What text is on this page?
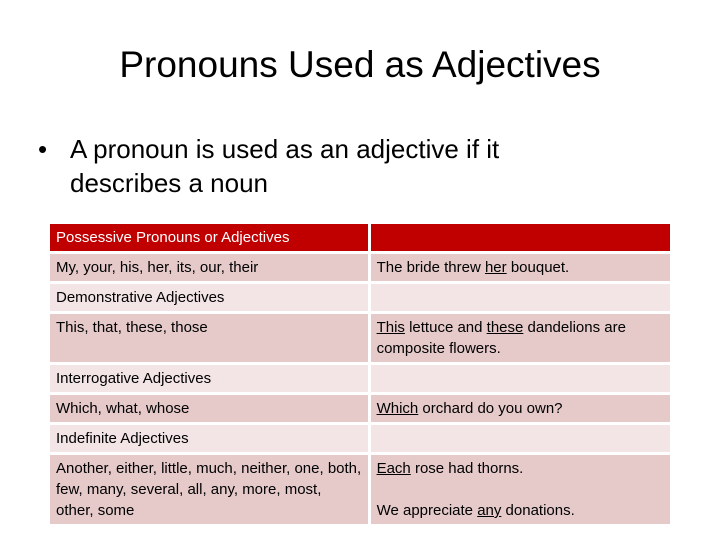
Pronouns Used as Adjectives
• A pronoun is used as an adjective if it describes a noun
Possessive Pronouns or Adjectives	
My, your, his, her, its, our, their	The bride threw her bouquet.
Demonstrative Adjectives	
This, that, these, those	This lettuce and these dandelions are composite flowers.
Interrogative Adjectives	
Which, what, whose	Which orchard do you own?
Indefinite Adjectives	
Another, either, little, much, neither, one, both, few, many, several, all, any, more, most, other, some	Each rose had thorns.
We appreciate any donations.
